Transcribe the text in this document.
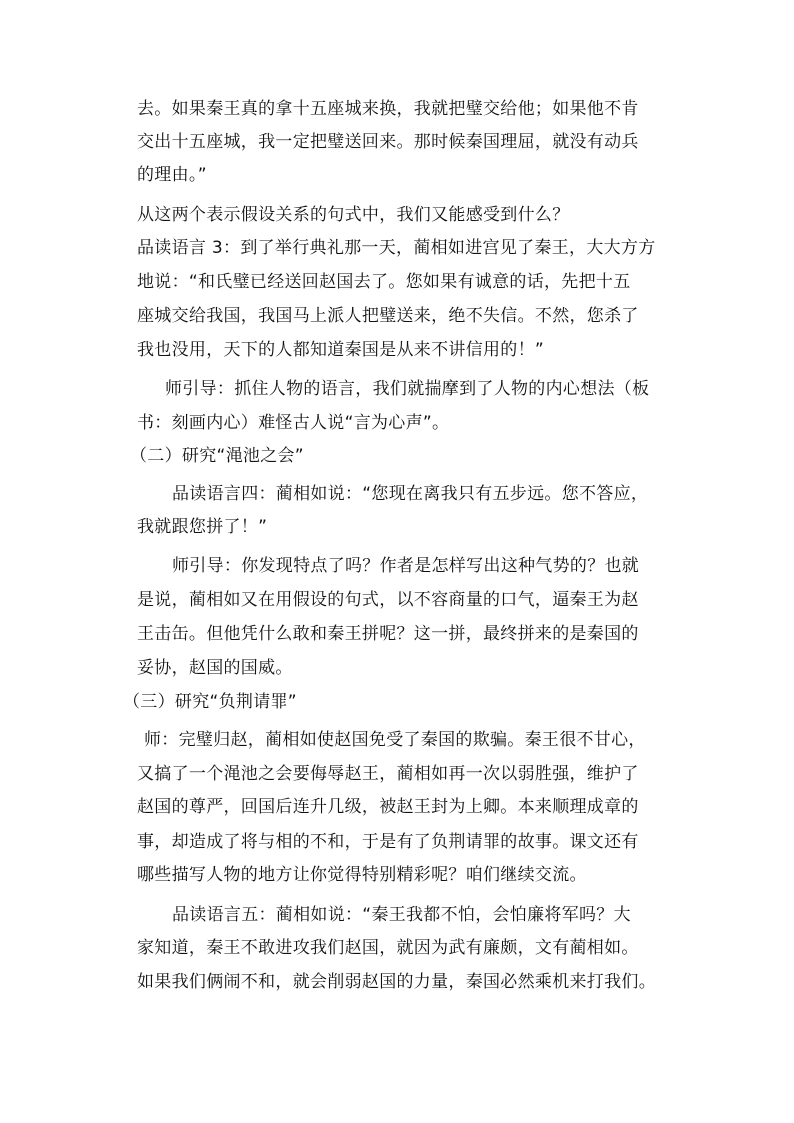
去。如果秦王真的拿十五座城来换，我就把璧交给他；如果他不肯
交出十五座城，我一定把璧送回来。那时候秦国理屈，就没有动兵
的理由。”
从这两个表示假设关系的句式中，我们又能感受到什么？
品读语言 3：到了举行典礼那一天，蔺相如进宫见了秦王，大大方方
地说：“和氏璧已经送回赵国去了。您如果有诚意的话，先把十五
座城交给我国，我国马上派人把璧送来，绝不失信。不然，您杀了
我也没用，天下的人都知道秦国是从来不讲信用的！”
师引导：抓住人物的语言，我们就揣摩到了人物的内心想法（板
书：刻画内心）难怪古人说“言为心声”。
（二）研究“渑池之会”
品读语言四：蔺相如说：“您现在离我只有五步远。您不答应，
我就跟您拼了！”
师引导：你发现特点了吗？作者是怎样写出这种气势的？也就
是说，蔺相如又在用假设的句式，以不容商量的口气，逼秦王为赵
王击缶。但他凭什么敢和秦王拼呢？这一拼，最终拼来的是秦国的
妥协，赵国的国威。
（三）研究“负荆请罪”
师：完璧归赵，蔺相如使赵国免受了秦国的欺骗。秦王很不甘心，
又搞了一个渑池之会要侮辱赵王，蔺相如再一次以弱胜强，维护了
赵国的尊严，回国后连升几级，被赵王封为上卿。本来顺理成章的
事，却造成了将与相的不和，于是有了负荆请罪的故事。课文还有
哪些描写人物的地方让你觉得特别精彩呢？咱们继续交流。
品读语言五：蔺相如说：“秦王我都不怕，会怕廉将军吗？大
家知道，秦王不敢进攻我们赵国，就因为武有廉颇，文有蔺相如。
如果我们俩闹不和，就会削弱赵国的力量，秦国必然乘机来打我们。
